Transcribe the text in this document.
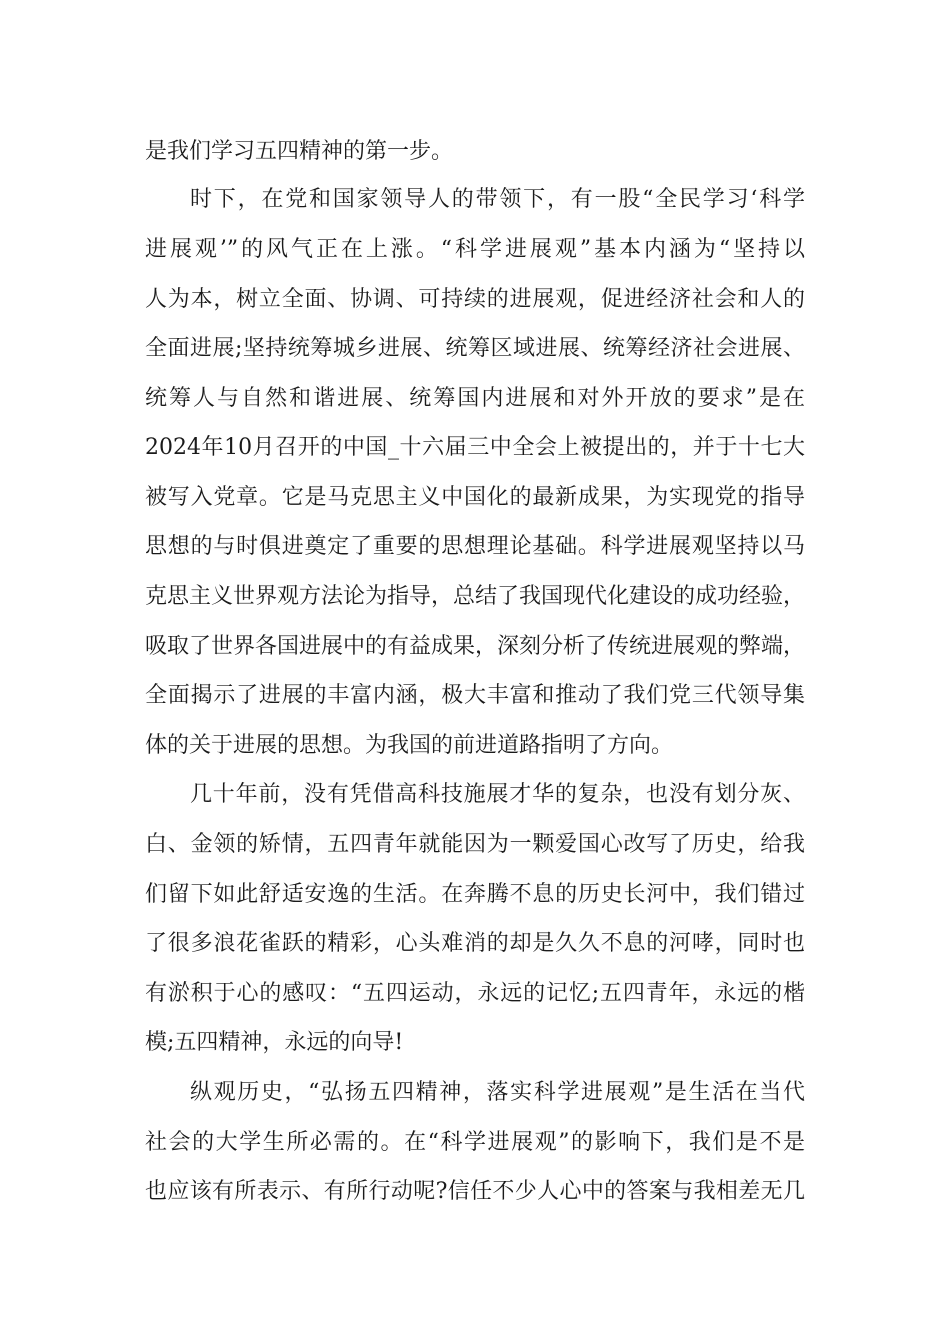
是我们学习五四精神的第一步。
时下，在党和国家领导人的带领下，有一股“全民学习‘科学
进展观’”的风气正在上涨。“科学进展观”基本内涵为“坚持以
人为本，树立全面、协调、可持续的进展观，促进经济社会和人的
全面进展;坚持统筹城乡进展、统筹区域进展、统筹经济社会进展、
统筹人与自然和谐进展、统筹国内进展和对外开放的要求”是在
2024年10月召开的中国_十六届三中全会上被提出的，并于十七大
被写入党章。它是马克思主义中国化的最新成果，为实现党的指导
思想的与时俱进奠定了重要的思想理论基础。科学进展观坚持以马
克思主义世界观方法论为指导，总结了我国现代化建设的成功经验，
吸取了世界各国进展中的有益成果，深刻分析了传统进展观的弊端，
全面揭示了进展的丰富内涵，极大丰富和推动了我们党三代领导集
体的关于进展的思想。为我国的前进道路指明了方向。
几十年前，没有凭借高科技施展才华的复杂，也没有划分灰、
白、金领的矫情，五四青年就能因为一颗爱国心改写了历史，给我
们留下如此舒适安逸的生活。在奔腾不息的历史长河中，我们错过
了很多浪花雀跃的精彩，心头难消的却是久久不息的河哮，同时也
有淤积于心的感叹：“五四运动，永远的记忆;五四青年，永远的楷
模;五四精神，永远的向导!
纵观历史，“弘扬五四精神，落实科学进展观”是生活在当代
社会的大学生所必需的。在“科学进展观”的影响下，我们是不是
也应该有所表示、有所行动呢?信任不少人心中的答案与我相差无几
